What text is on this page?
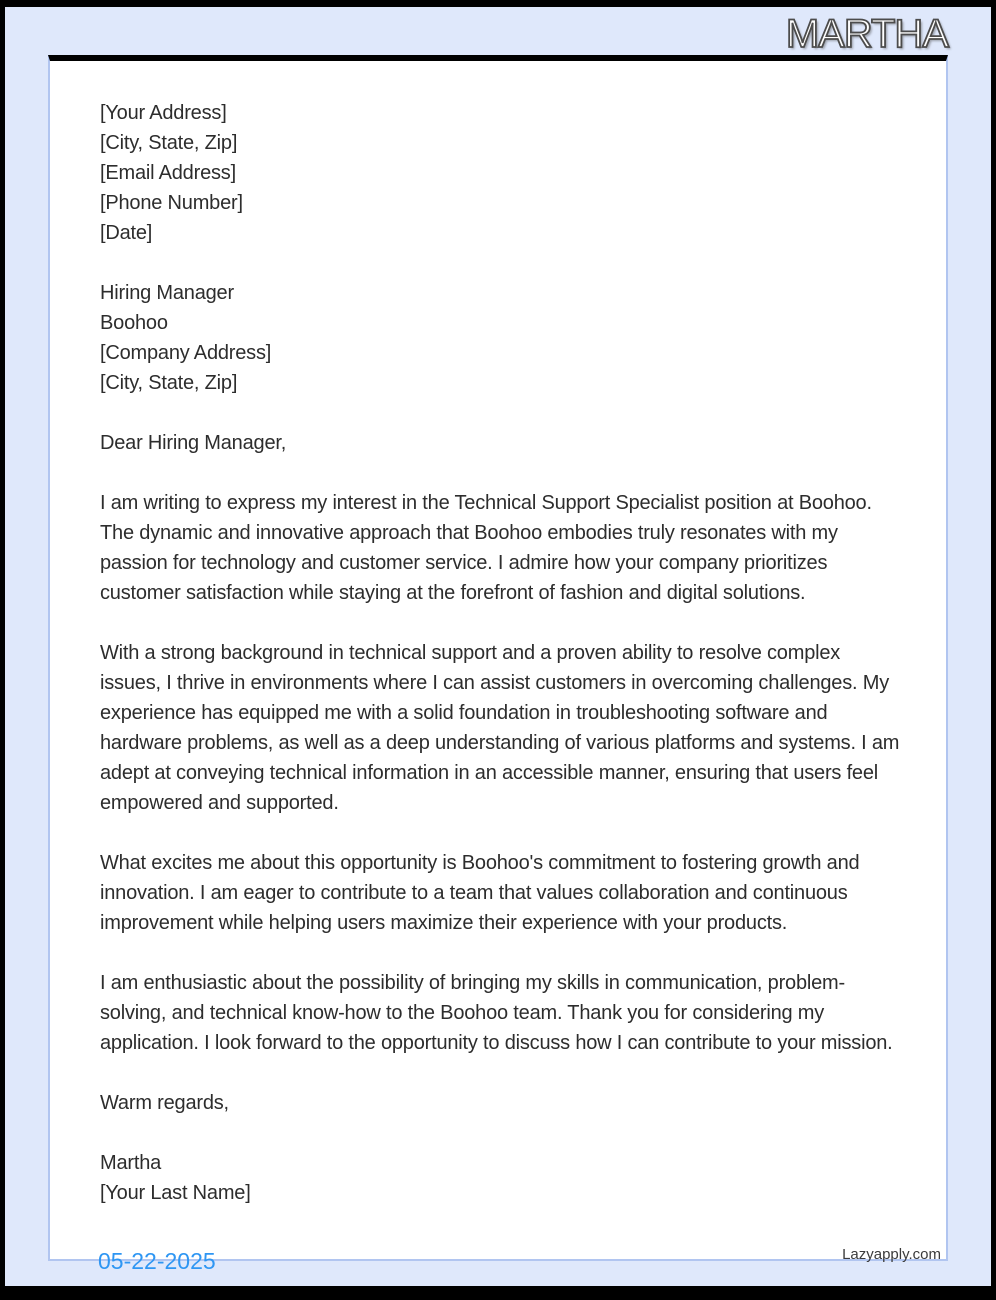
MARTHA

[Your Address]

[City, State, Zip]

[Email Address]

[Phone Number]

[Date]

Hiring Manager

Boohoo

[Company Address]

[City, State, Zip]

Dear Hiring Manager,

I am writing to express my interest in the Technical Support Specialist position at Boohoo. The dynamic and innovative approach that Boohoo embodies truly resonates with my passion for technology and customer service. I admire how your company prioritizes customer satisfaction while staying at the forefront of fashion and digital solutions.

With a strong background in technical support and a proven ability to resolve complex issues, I thrive in environments where I can assist customers in overcoming challenges. My experience has equipped me with a solid foundation in troubleshooting software and hardware problems, as well as a deep understanding of various platforms and systems. I am adept at conveying technical information in an accessible manner, ensuring that users feel empowered and supported.

What excites me about this opportunity is Boohoo's commitment to fostering growth and innovation. I am eager to contribute to a team that values collaboration and continuous improvement while helping users maximize their experience with your products.

I am enthusiastic about the possibility of bringing my skills in communication, problem-solving, and technical know-how to the Boohoo team. Thank you for considering my application. I look forward to the opportunity to discuss how I can contribute to your mission.

Warm regards,

Martha

[Your Last Name]

05-22-2025	Lazyapply.com
